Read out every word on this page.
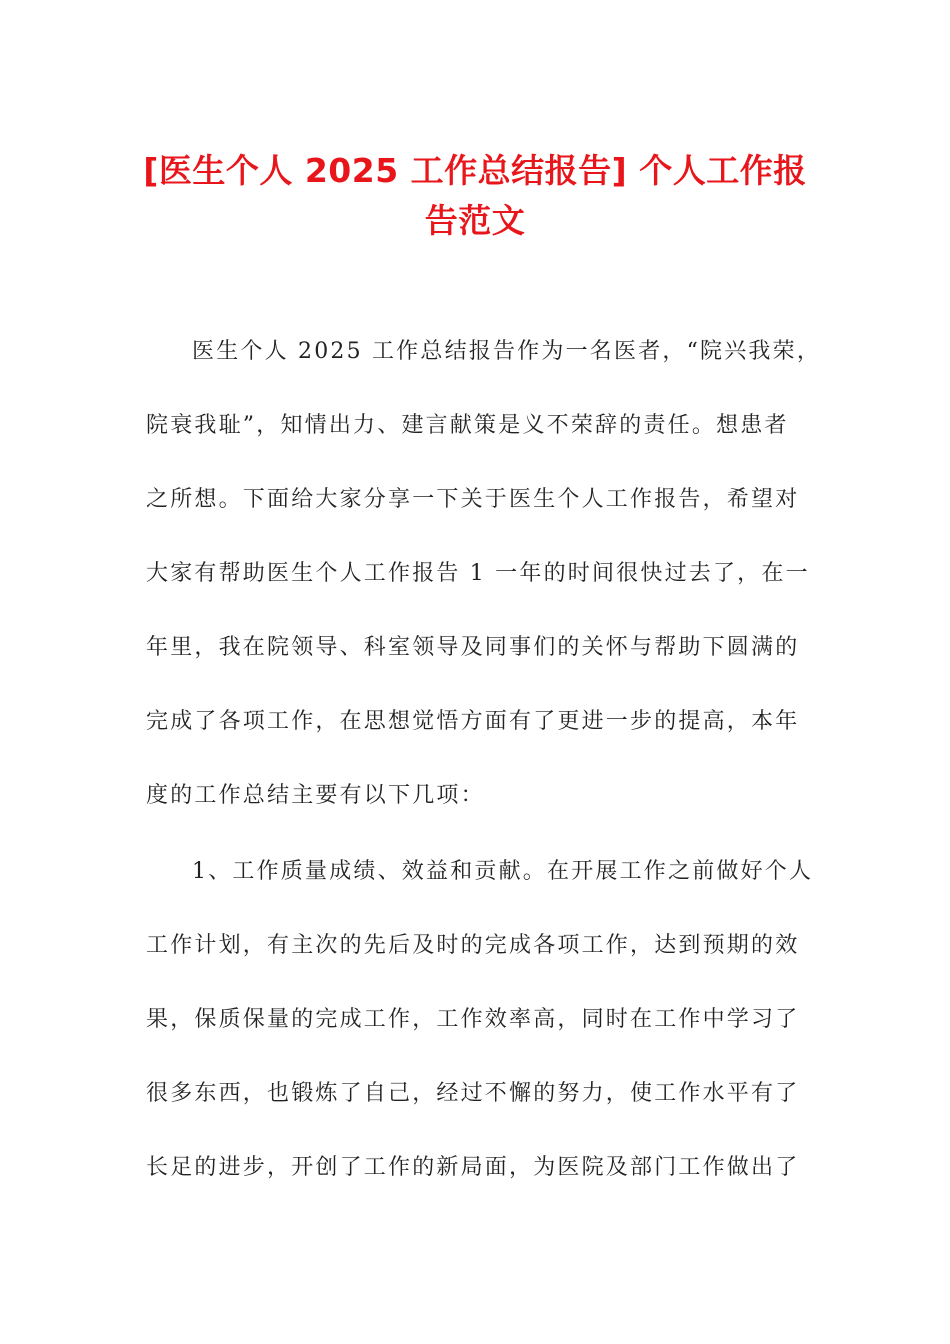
[医生个人 2025 工作总结报告] 个人工作报
告范文
医生个人 2025 工作总结报告作为一名医者，“院兴我荣，
院衰我耻”，知情出力、建言献策是义不荣辞的责任。想患者
之所想。下面给大家分享一下关于医生个人工作报告，希望对
大家有帮助医生个人工作报告 1 一年的时间很快过去了，在一
年里，我在院领导、科室领导及同事们的关怀与帮助下圆满的
完成了各项工作，在思想觉悟方面有了更进一步的提高，本年
度的工作总结主要有以下几项：
1、工作质量成绩、效益和贡献。在开展工作之前做好个人
工作计划，有主次的先后及时的完成各项工作，达到预期的效
果，保质保量的完成工作，工作效率高，同时在工作中学习了
很多东西，也锻炼了自己，经过不懈的努力，使工作水平有了
长足的进步，开创了工作的新局面，为医院及部门工作做出了
